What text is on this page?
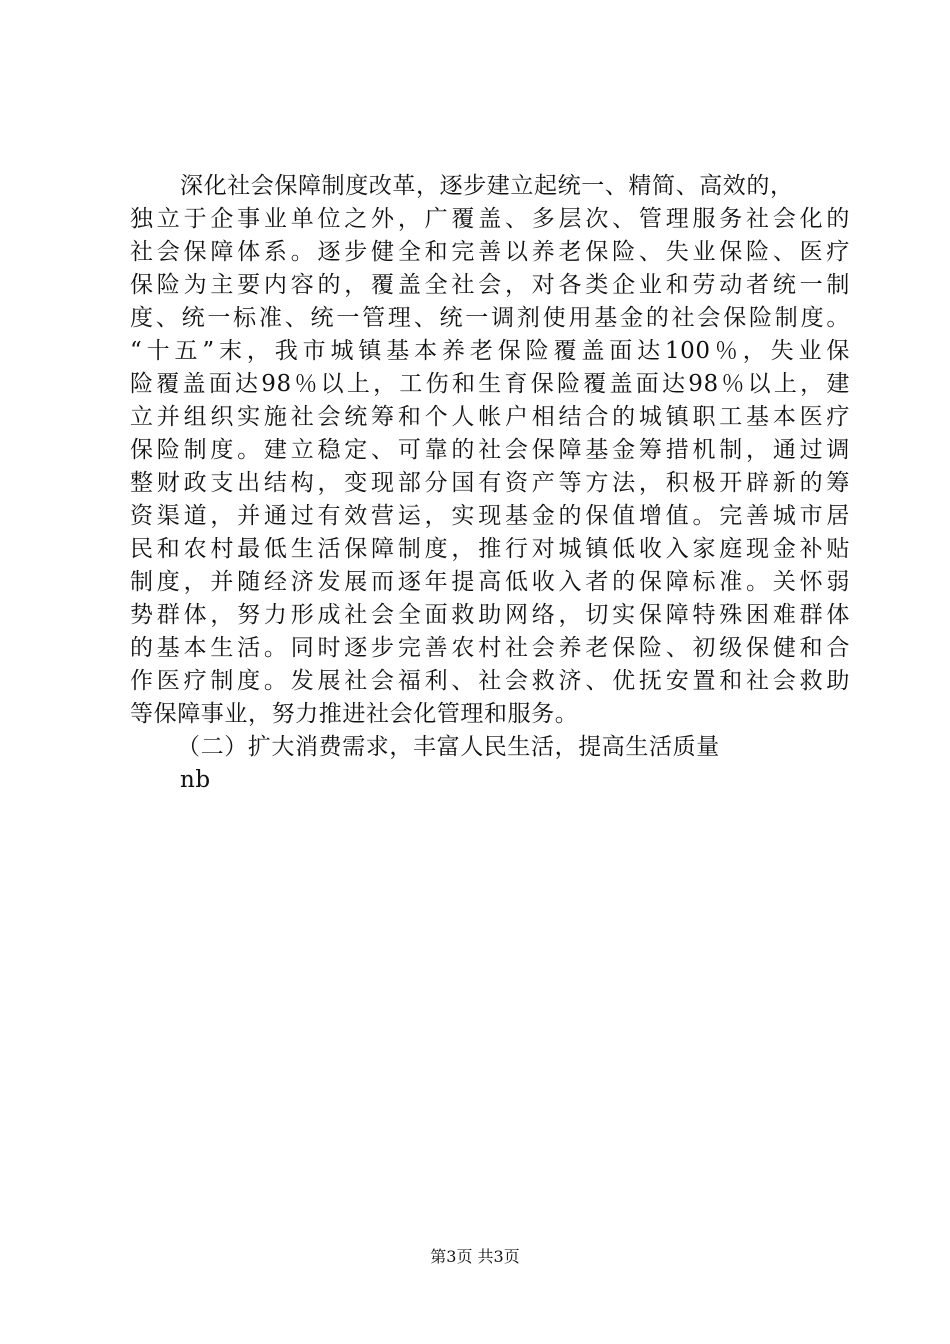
深化社会保障制度改革，逐步建立起统一、精简、高效的，
独立于企事业单位之外，广覆盖、多层次、管理服务社会化的
社会保障体系。逐步健全和完善以养老保险、失业保险、医疗
保险为主要内容的，覆盖全社会，对各类企业和劳动者统一制
度、统一标准、统一管理、统一调剂使用基金的社会保险制度。
“十五”末，我市城镇基本养老保险覆盖面达100％，失业保
险覆盖面达98％以上，工伤和生育保险覆盖面达98％以上，建
立并组织实施社会统筹和个人帐户相结合的城镇职工基本医疗
保险制度。建立稳定、可靠的社会保障基金筹措机制，通过调
整财政支出结构，变现部分国有资产等方法，积极开辟新的筹
资渠道，并通过有效营运，实现基金的保值增值。完善城市居
民和农村最低生活保障制度，推行对城镇低收入家庭现金补贴
制度，并随经济发展而逐年提高低收入者的保障标准。关怀弱
势群体，努力形成社会全面救助网络，切实保障特殊困难群体
的基本生活。同时逐步完善农村社会养老保险、初级保健和合
作医疗制度。发展社会福利、社会救济、优抚安置和社会救助
等保障事业，努力推进社会化管理和服务。
（二）扩大消费需求，丰富人民生活，提高生活质量
nb
第3页 共3页
